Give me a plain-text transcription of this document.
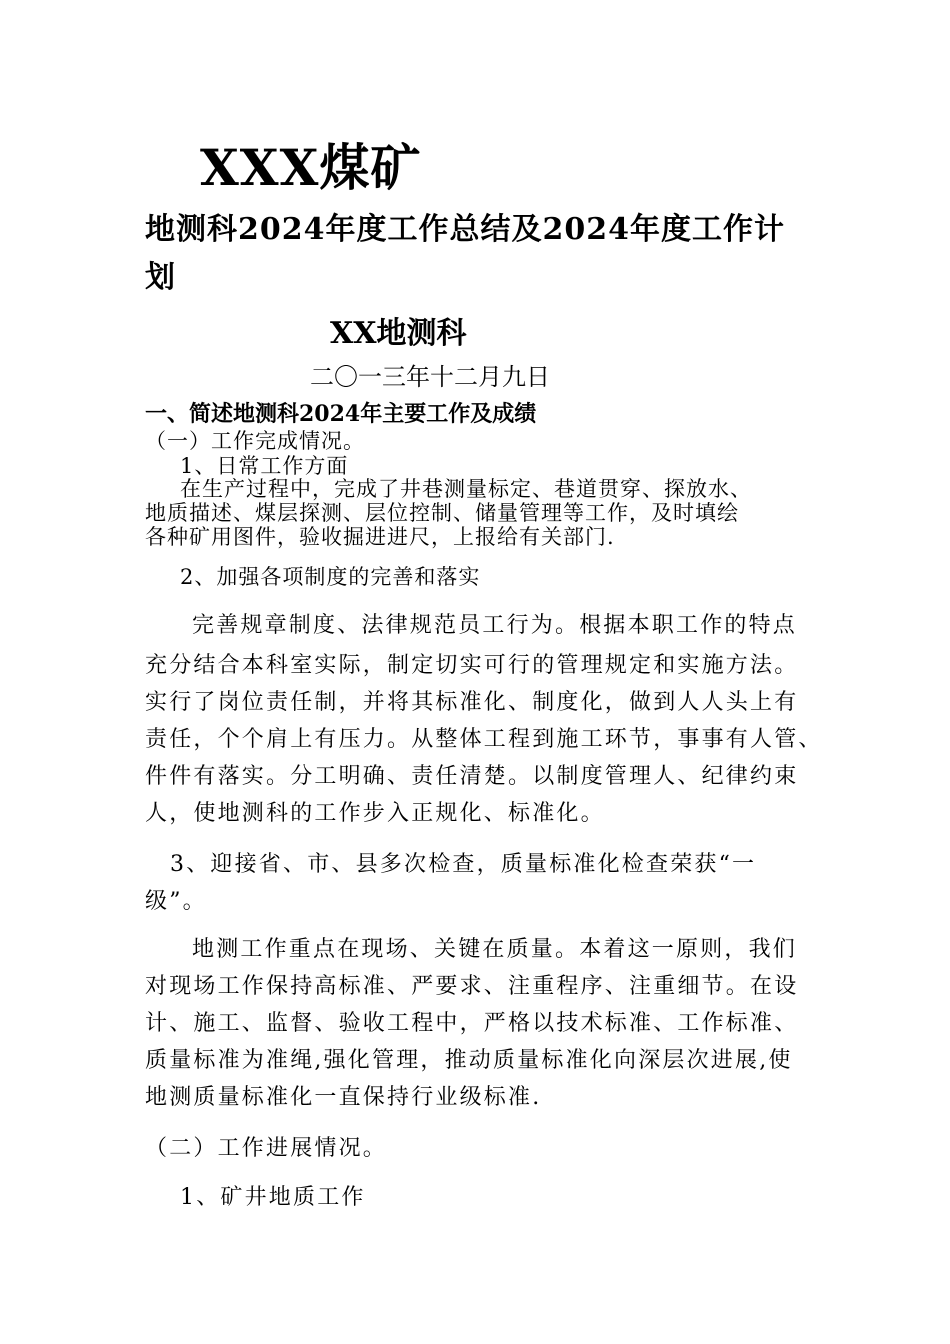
XXX煤矿
地测科2024年度工作总结及2024年度工作计
划
XX地测科
二〇一三年十二月九日
一、简述地测科2024年主要工作及成绩
（一）工作完成情况。
1、日常工作方面
在生产过程中，完成了井巷测量标定、巷道贯穿、探放水、
地质描述、煤层探测、层位控制、储量管理等工作，及时填绘
各种矿用图件，验收掘进进尺，上报给有关部门.
2、加强各项制度的完善和落实
完善规章制度、法律规范员工行为。根据本职工作的特点
充分结合本科室实际，制定切实可行的管理规定和实施方法。
实行了岗位责任制，并将其标准化、制度化，做到人人头上有
责任，个个肩上有压力。从整体工程到施工环节，事事有人管、
件件有落实。分工明确、责任清楚。以制度管理人、纪律约束
人，使地测科的工作步入正规化、标准化。
3、迎接省、市、县多次检查，质量标准化检查荣获“一
级”。
地测工作重点在现场、关键在质量。本着这一原则，我们
对现场工作保持高标准、严要求、注重程序、注重细节。在设
计、施工、监督、验收工程中，严格以技术标准、工作标准、
质量标准为准绳,强化管理，推动质量标准化向深层次进展,使
地测质量标准化一直保持行业级标准.
（二）工作进展情况。
1、矿井地质工作
